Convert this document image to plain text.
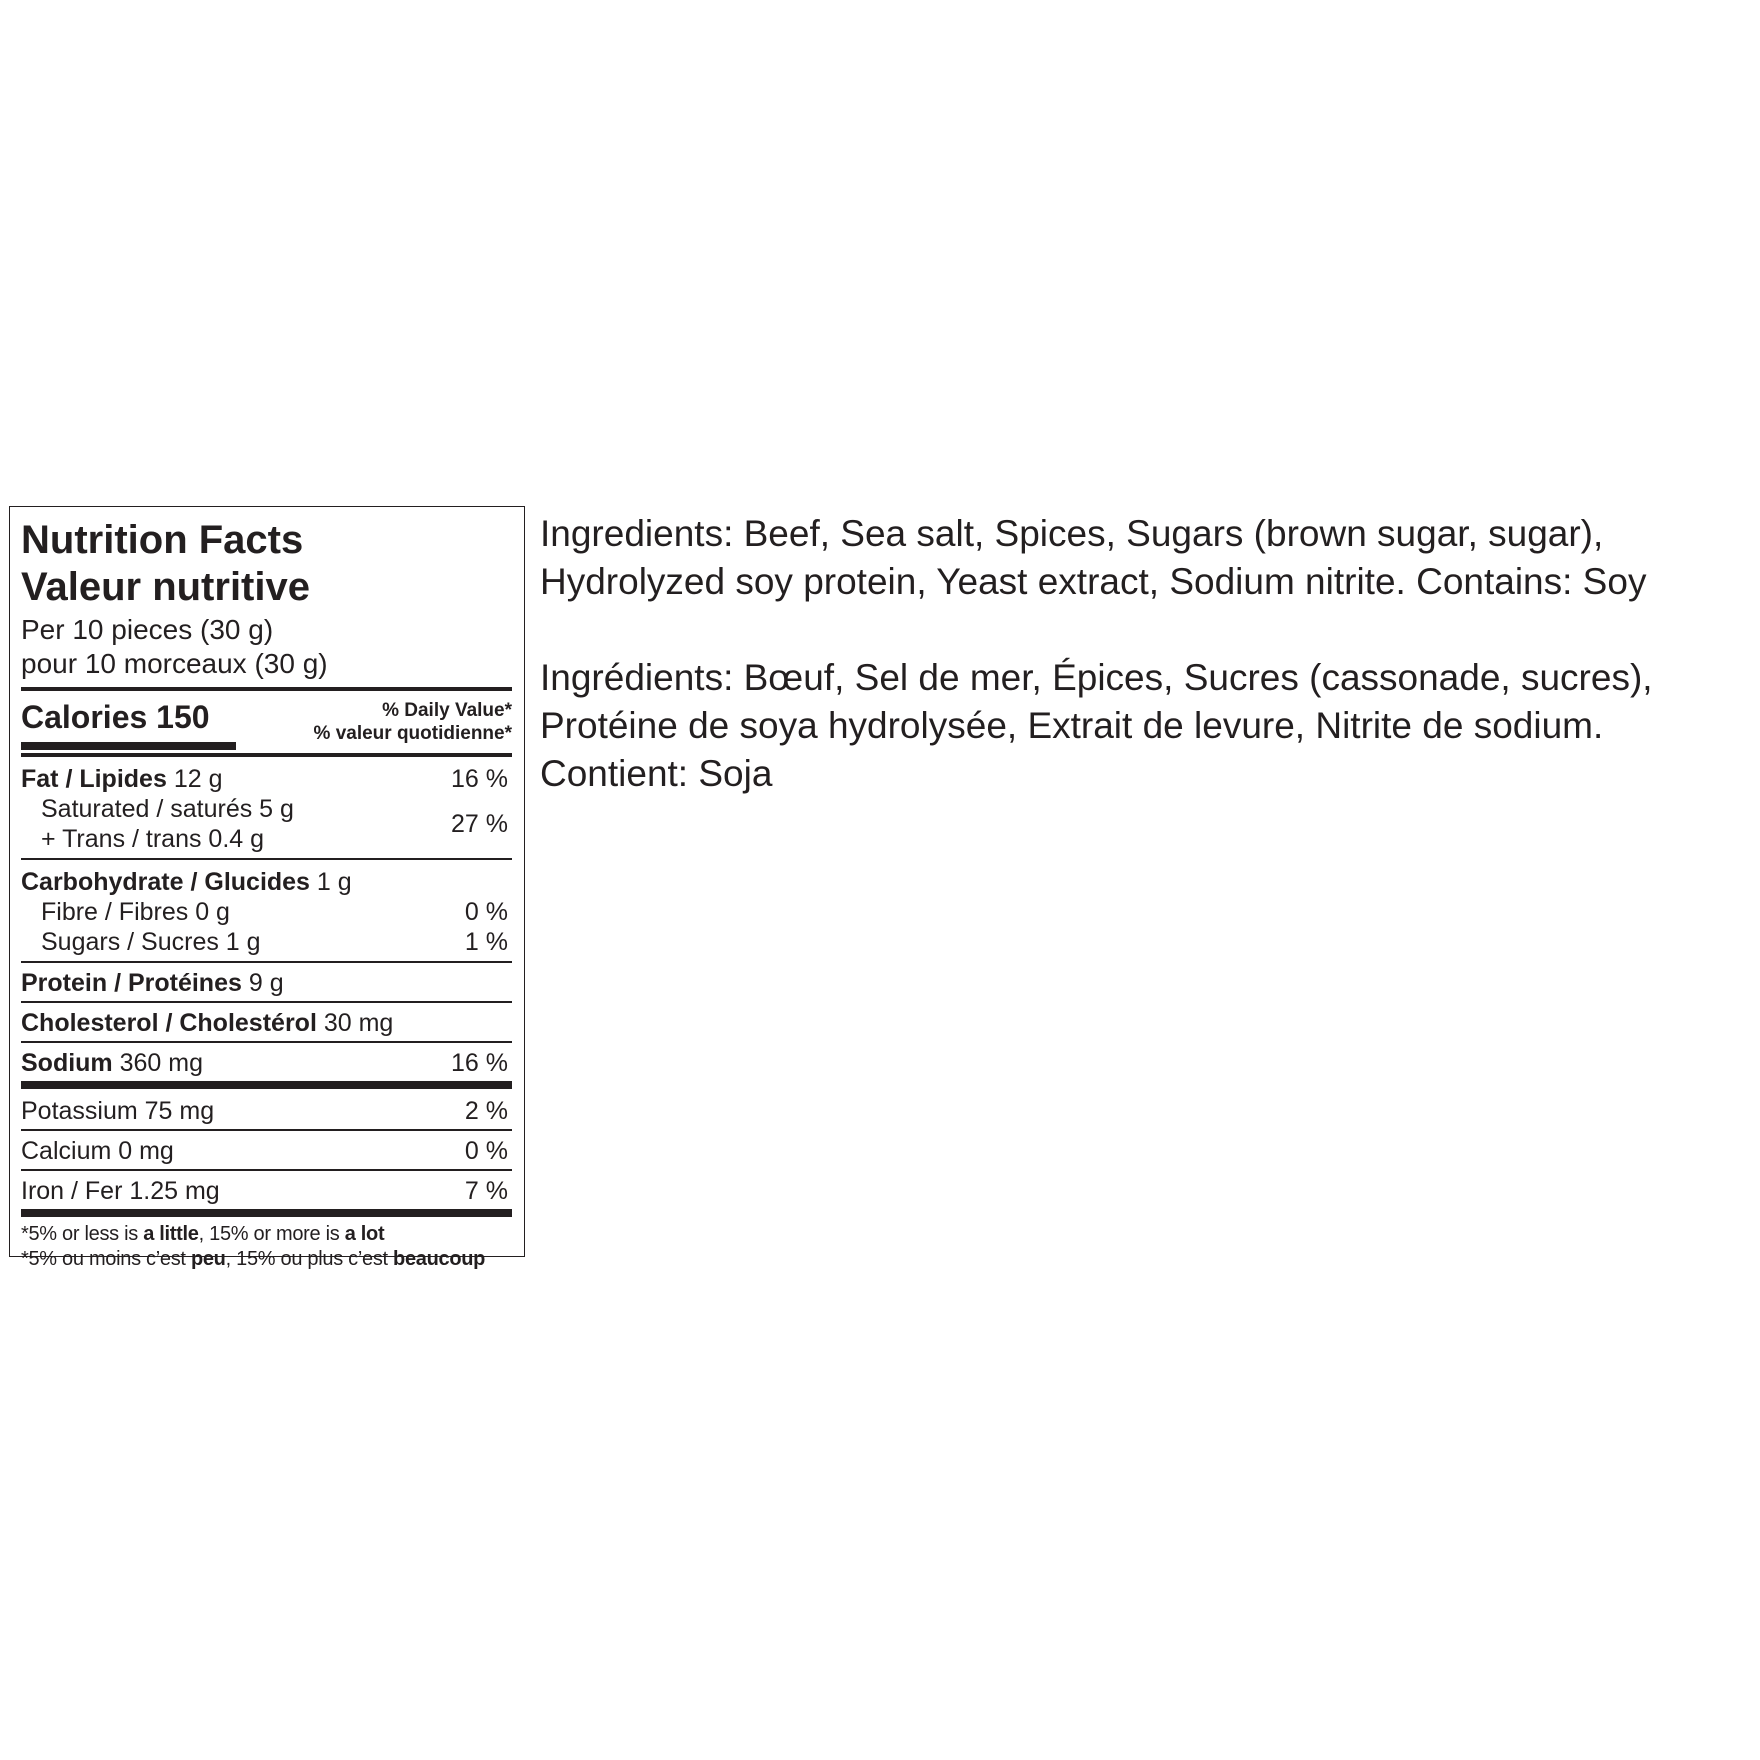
Nutrition Facts
Valeur nutritive
Per 10 pieces (30 g)
pour 10 morceaux (30 g)
Calories 150	% Daily Value*
% valeur quotidienne*
Fat / Lipides 12 g	16 %
Saturated / saturés 5 g
+ Trans / trans 0.4 g
27 %
Carbohydrate / Glucides 1 g
Fibre / Fibres 0 g	0 %
Sugars / Sucres 1 g	1 %
Protein / Protéines 9 g
Cholesterol / Cholestérol 30 mg
Sodium 360 mg	16 %
Potassium 75 mg	2 %
Calcium 0 mg	0 %
Iron / Fer 1.25 mg	7 %
*5% or less is a little, 15% or more is a lot
*5% ou moins c’est peu, 15% ou plus c’est beaucoup
Ingredients: Beef, Sea salt, Spices, Sugars (brown sugar, sugar),
Hydrolyzed soy protein, Yeast extract, Sodium nitrite. Contains: Soy
Ingrédients: Bœuf, Sel de mer, Épices, Sucres (cassonade, sucres),
Protéine de soya hydrolysée, Extrait de levure, Nitrite de sodium.
Contient: Soja
